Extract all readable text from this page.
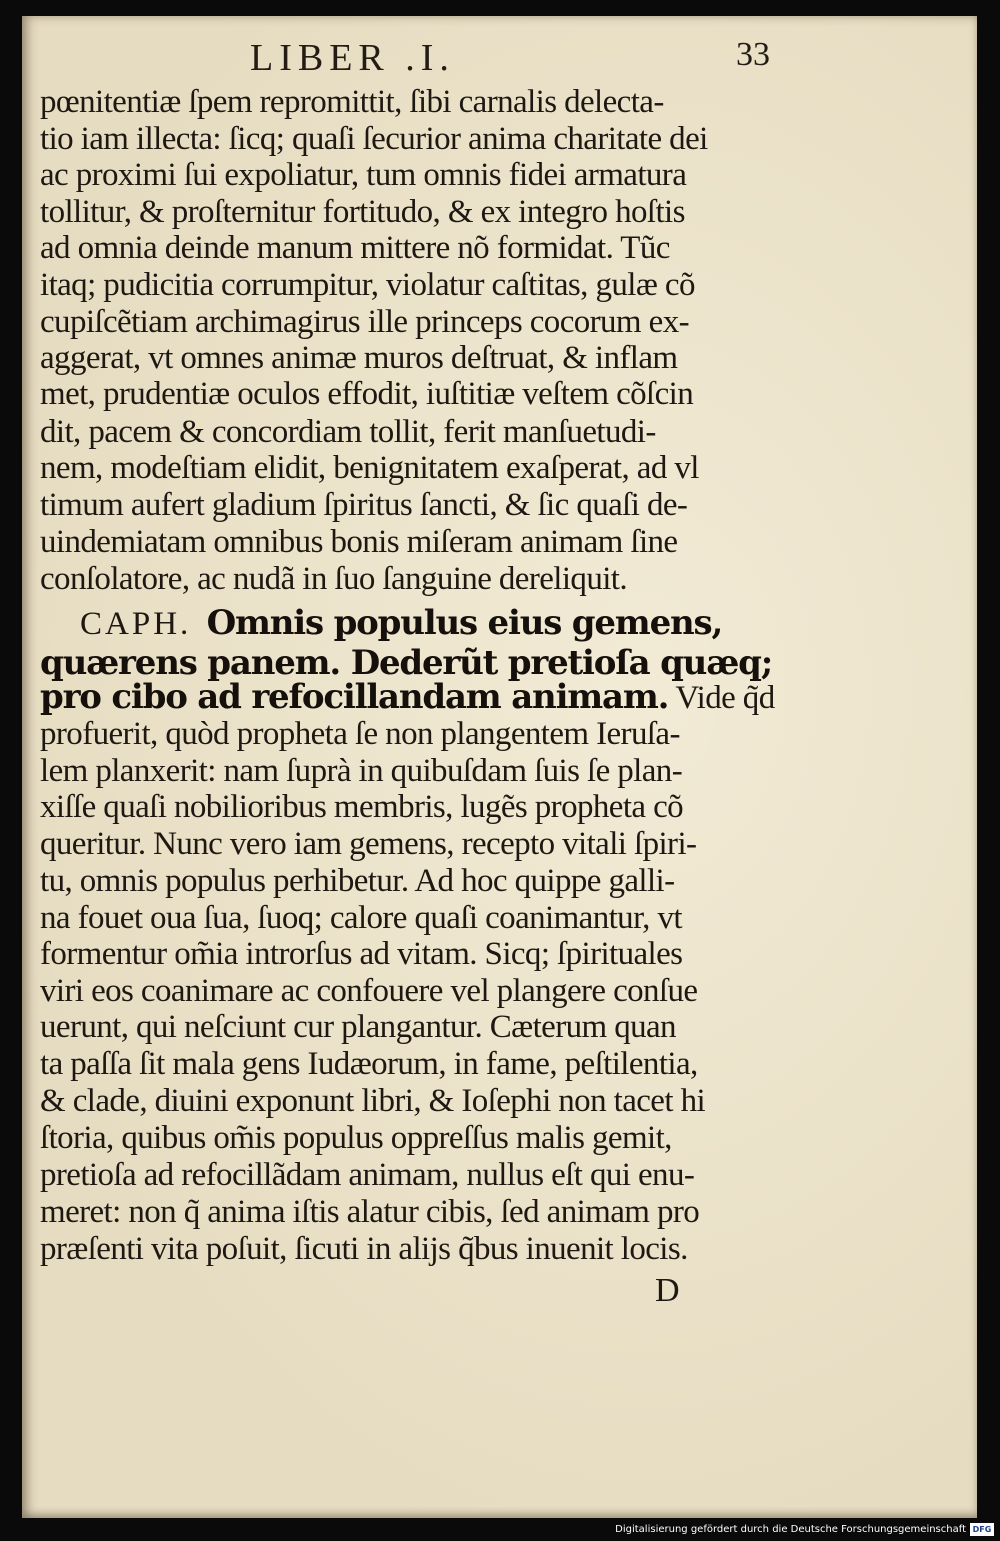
LIBER .I.	33

pœnitentiæ ſpem repromittit, ſibi carnalis delecta-

tio iam illecta: ſicq; quaſi ſecurior anima charitate dei

ac proximi ſui expoliatur, tum omnis fidei armatura

tollitur, & proſternitur fortitudo, & ex integro hoſtis

ad omnia deinde manum mittere nõ formidat. Tũc

itaq; pudicitia corrumpitur, violatur caſtitas, gulæ cõ

cupiſcẽtiam archimagirus ille princeps cocorum ex-

aggerat, vt omnes animæ muros deſtruat, & inflam

met, prudentiæ oculos effodit, iuſtitiæ veſtem cõſcin

dit, pacem & concordiam tollit, ferit manſuetudi-

nem, modeſtiam elidit, benignitatem exaſperat, ad vl

timum aufert gladium ſpiritus ſancti, & ſic quaſi de-

uindemiatam omnibus bonis miſeram animam ſine

conſolatore, ac nudã in ſuo ſanguine dereliquit.

CAPH. Omnis populus eius gemens,

quærens panem. Dederũt pretioſa quæq;

pro cibo ad refocillandam animam. Vide q̃d

profuerit, quòd propheta ſe non plangentem Ieruſa-

lem planxerit: nam ſuprà in quibuſdam ſuis ſe plan-

xiſſe quaſi nobilioribus membris, lugẽs propheta cõ

queritur. Nunc vero iam gemens, recepto vitali ſpiri-

tu, omnis populus perhibetur. Ad hoc quippe galli-

na fouet oua ſua, ſuoq; calore quaſi coanimantur, vt

formentur om̃ia introrſus ad vitam. Sicq; ſpirituales

viri eos coanimare ac confouere vel plangere conſue

uerunt, qui neſciunt cur plangantur. Cæterum quan

ta paſſa ſit mala gens Iudæorum, in fame, peſtilentia,

& clade, diuini exponunt libri, & Ioſephi non tacet hi

ſtoria, quibus om̃is populus oppreſſus malis gemit,

pretioſa ad refocillãdam animam, nullus eſt qui enu-

meret: non q̃ anima iſtis alatur cibis, ſed animam pro

præſenti vita poſuit, ſicuti in alijs q̃bus inuenit locis.

D
Digitalisierung gefördert durch die Deutsche Forschungsgemeinschaft DFG
